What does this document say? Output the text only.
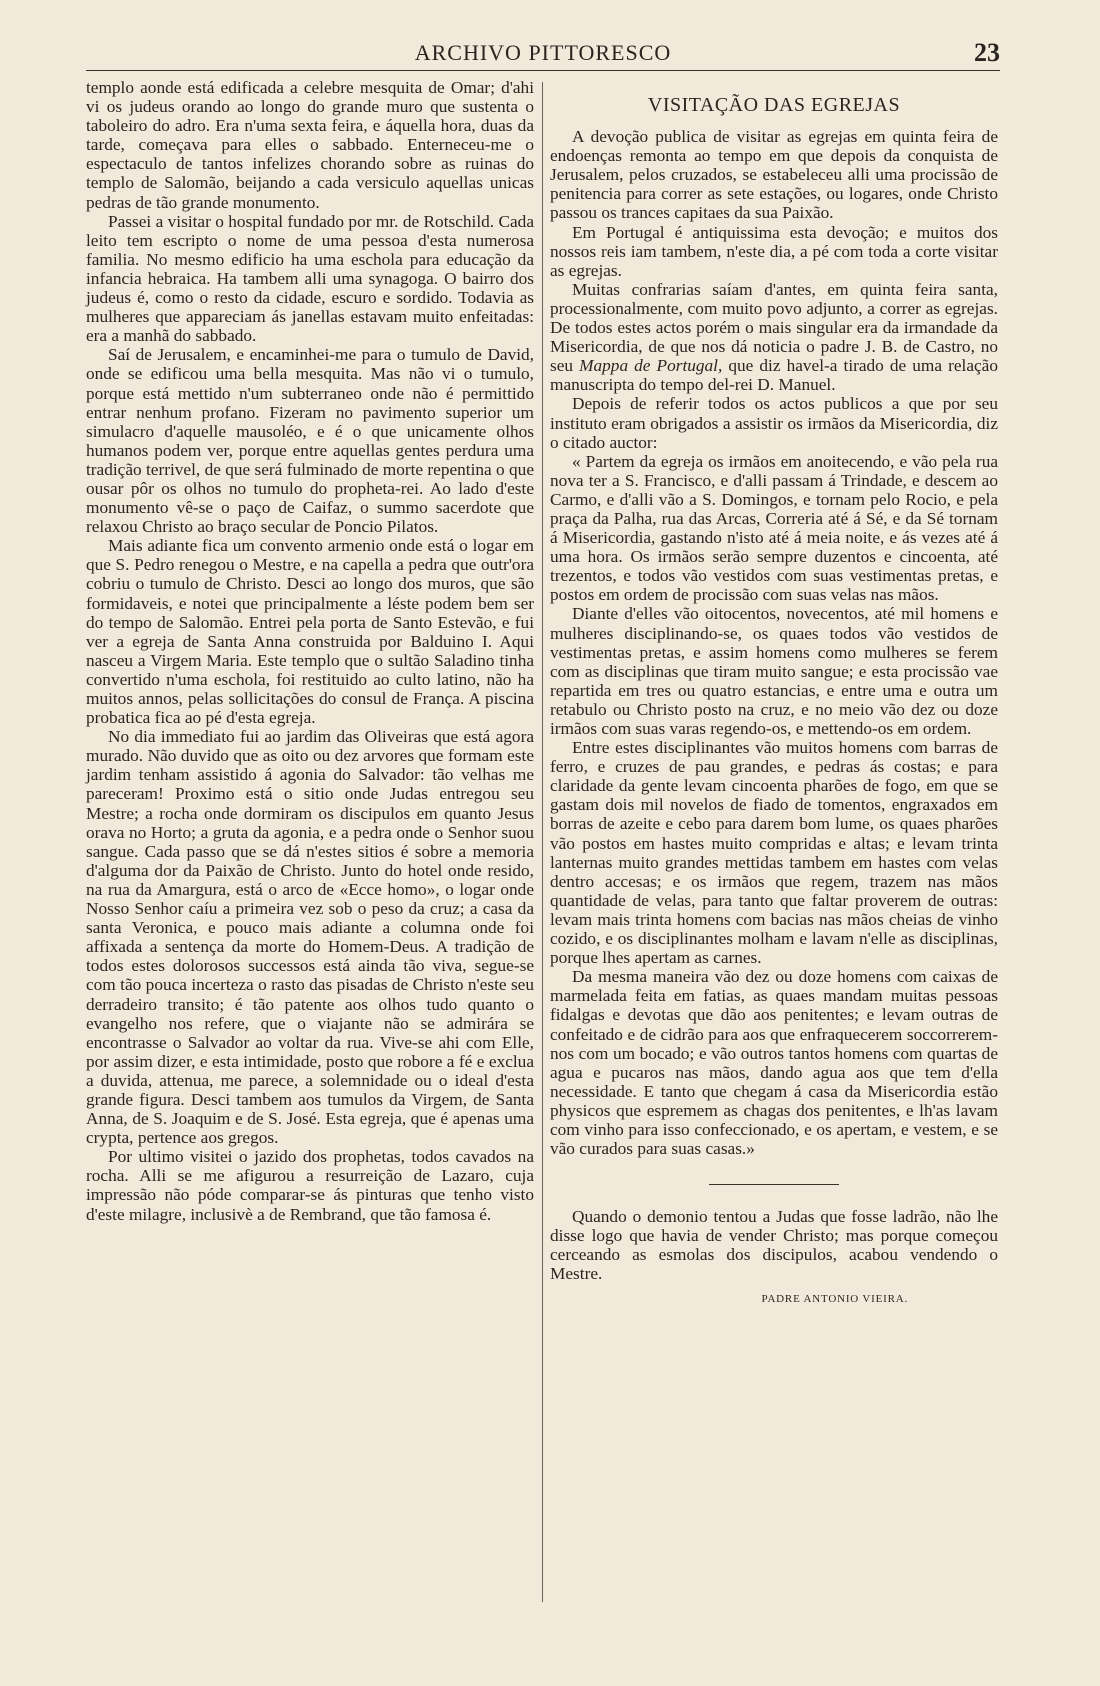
ARCHIVO PITTORESCO	23

templo aonde está edificada a celebre mesquita de Omar; d'ahi vi os judeus orando ao longo do grande muro que sustenta o taboleiro do adro. Era n'uma sexta feira, e áquella hora, duas da tarde, começava para elles o sabbado. Enterneceu-me o espectaculo de tantos infelizes chorando sobre as ruinas do templo de Salomão, beijando a cada versiculo aquellas unicas pedras de tão grande monumento.

Passei a visitar o hospital fundado por mr. de Rotschild. Cada leito tem escripto o nome de uma pessoa d'esta numerosa familia. No mesmo edificio ha uma eschola para educação da infancia hebraica. Ha tambem alli uma synagoga. O bairro dos judeus é, como o resto da cidade, escuro e sordido. Todavia as mulheres que appareciam ás janellas estavam muito enfeitadas: era a manhã do sabbado.

Saí de Jerusalem, e encaminhei-me para o tumulo de David, onde se edificou uma bella mesquita. Mas não vi o tumulo, porque está mettido n'um subterraneo onde não é permittido entrar nenhum profano. Fizeram no pavimento superior um simulacro d'aquelle mausoléo, e é o que unicamente olhos humanos podem ver, porque entre aquellas gentes perdura uma tradição terrivel, de que será fulminado de morte repentina o que ousar pôr os olhos no tumulo do propheta-rei. Ao lado d'este monumento vê-se o paço de Caifaz, o summo sacerdote que relaxou Christo ao braço secular de Poncio Pilatos.

Mais adiante fica um convento armenio onde está o logar em que S. Pedro renegou o Mestre, e na capella a pedra que outr'ora cobriu o tumulo de Christo. Desci ao longo dos muros, que são formidaveis, e notei que principalmente a léste podem bem ser do tempo de Salomão. Entrei pela porta de Santo Estevão, e fui ver a egreja de Santa Anna construida por Balduino I. Aqui nasceu a Virgem Maria. Este templo que o sultão Saladino tinha convertido n'uma eschola, foi restituido ao culto latino, não ha muitos annos, pelas sollicitações do consul de França. A piscina probatica fica ao pé d'esta egreja.

No dia immediato fui ao jardim das Oliveiras que está agora murado. Não duvido que as oito ou dez arvores que formam este jardim tenham assistido á agonia do Salvador: tão velhas me pareceram! Proximo está o sitio onde Judas entregou seu Mestre; a rocha onde dormiram os discipulos em quanto Jesus orava no Horto; a gruta da agonia, e a pedra onde o Senhor suou sangue. Cada passo que se dá n'estes sitios é sobre a memoria d'alguma dor da Paixão de Christo. Junto do hotel onde resido, na rua da Amargura, está o arco de «Ecce homo», o logar onde Nosso Senhor caíu a primeira vez sob o peso da cruz; a casa da santa Veronica, e pouco mais adiante a columna onde foi affixada a sentença da morte do Homem-Deus. A tradição de todos estes dolorosos successos está ainda tão viva, segue-se com tão pouca incerteza o rasto das pisadas de Christo n'este seu derradeiro transito; é tão patente aos olhos tudo quanto o evangelho nos refere, que o viajante não se admirára se encontrasse o Salvador ao voltar da rua. Vive-se ahi com Elle, por assim dizer, e esta intimidade, posto que robore a fé e exclua a duvida, attenua, me parece, a solemnidade ou o ideal d'esta grande figura. Desci tambem aos tumulos da Virgem, de Santa Anna, de S. Joaquim e de S. José. Esta egreja, que é apenas uma crypta, pertence aos gregos.

Por ultimo visitei o jazido dos prophetas, todos cavados na rocha. Alli se me afigurou a resurreição de Lazaro, cuja impressão não póde comparar-se ás pinturas que tenho visto d'este milagre, inclusivè a de Rembrand, que tão famosa é.

VISITAÇÃO DAS EGREJAS

A devoção publica de visitar as egrejas em quinta feira de endoenças remonta ao tempo em que depois da conquista de Jerusalem, pelos cruzados, se estabeleceu alli uma procissão de penitencia para correr as sete estações, ou logares, onde Christo passou os trances capitaes da sua Paixão.

Em Portugal é antiquissima esta devoção; e muitos dos nossos reis iam tambem, n'este dia, a pé com toda a corte visitar as egrejas.

Muitas confrarias saíam d'antes, em quinta feira santa, processionalmente, com muito povo adjunto, a correr as egrejas. De todos estes actos porém o mais singular era da irmandade da Misericordia, de que nos dá noticia o padre J. B. de Castro, no seu Mappa de Portugal, que diz havel-a tirado de uma relação manuscripta do tempo del-rei D. Manuel.

Depois de referir todos os actos publicos a que por seu instituto eram obrigados a assistir os irmãos da Misericordia, diz o citado auctor:

« Partem da egreja os irmãos em anoitecendo, e vão pela rua nova ter a S. Francisco, e d'alli passam á Trindade, e descem ao Carmo, e d'alli vão a S. Domingos, e tornam pelo Rocio, e pela praça da Palha, rua das Arcas, Correria até á Sé, e da Sé tornam á Misericordia, gastando n'isto até á meia noite, e ás vezes até á uma hora. Os irmãos serão sempre duzentos e cincoenta, até trezentos, e todos vão vestidos com suas vestimentas pretas, e postos em ordem de procissão com suas velas nas mãos.

Diante d'elles vão oitocentos, novecentos, até mil homens e mulheres disciplinando-se, os quaes todos vão vestidos de vestimentas pretas, e assim homens como mulheres se ferem com as disciplinas que tiram muito sangue; e esta procissão vae repartida em tres ou quatro estancias, e entre uma e outra um retabulo ou Christo posto na cruz, e no meio vão dez ou doze irmãos com suas varas regendo-os, e mettendo-os em ordem.

Entre estes disciplinantes vão muitos homens com barras de ferro, e cruzes de pau grandes, e pedras ás costas; e para claridade da gente levam cincoenta pharões de fogo, em que se gastam dois mil novelos de fiado de tomentos, engraxados em borras de azeite e cebo para darem bom lume, os quaes pharões vão postos em hastes muito compridas e altas; e levam trinta lanternas muito grandes mettidas tambem em hastes com velas dentro accesas; e os irmãos que regem, trazem nas mãos quantidade de velas, para tanto que faltar proverem de outras: levam mais trinta homens com bacias nas mãos cheias de vinho cozido, e os disciplinantes molham e lavam n'elle as disciplinas, porque lhes apertam as carnes.

Da mesma maneira vão dez ou doze homens com caixas de marmelada feita em fatias, as quaes mandam muitas pessoas fidalgas e devotas que dão aos penitentes; e levam outras de confeitado e de cidrão para aos que enfraquecerem soccorrerem-nos com um bocado; e vão outros tantos homens com quartas de agua e pucaros nas mãos, dando agua aos que tem d'ella necessidade. E tanto que chegam á casa da Misericordia estão physicos que espremem as chagas dos penitentes, e lh'as lavam com vinho para isso confeccionado, e os apertam, e vestem, e se vão curados para suas casas.»

Quando o demonio tentou a Judas que fosse ladrão, não lhe disse logo que havia de vender Christo; mas porque começou cerceando as esmolas dos discipulos, acabou vendendo o Mestre.

PADRE ANTONIO VIEIRA.
